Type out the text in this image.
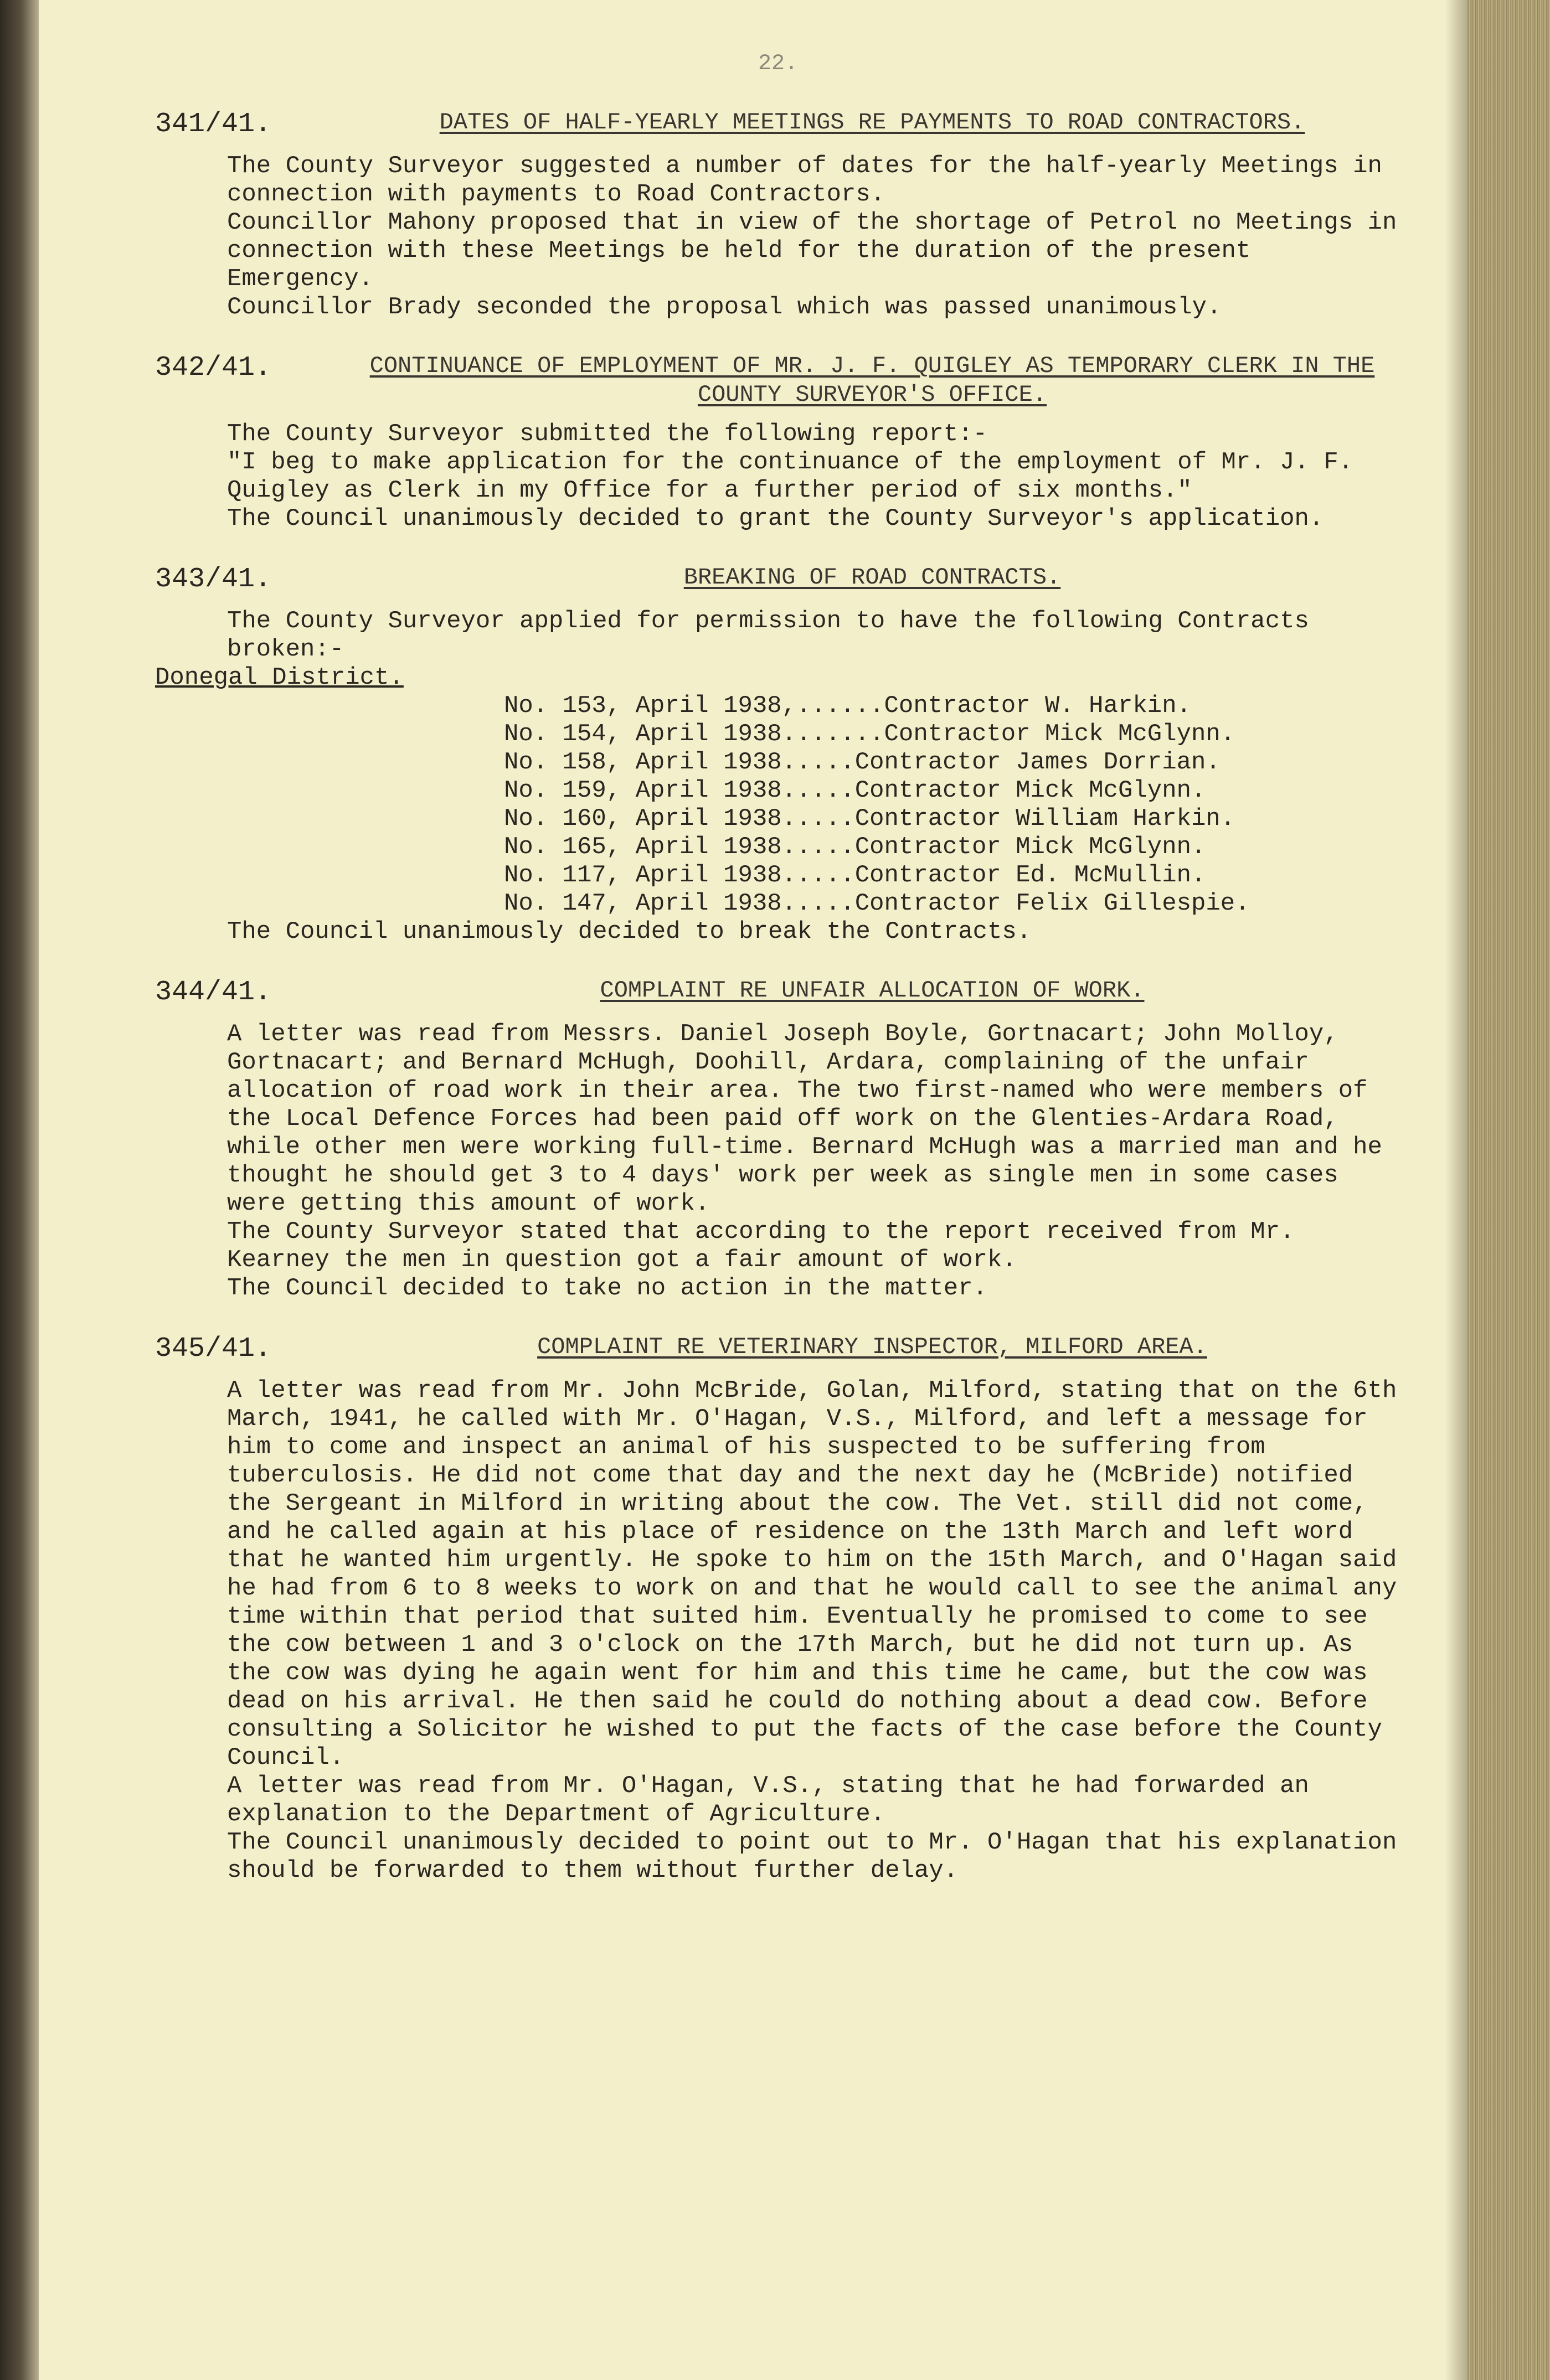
22.
341/41.	DATES OF HALF-YEARLY MEETINGS RE PAYMENTS TO ROAD CONTRACTORS.

The County Surveyor suggested a number of dates for the half-yearly Meetings in connection with payments to Road Contractors.

Councillor Mahony proposed that in view of the shortage of Petrol no Meetings in connection with these Meetings be held for the duration of the present Emergency.

Councillor Brady seconded the proposal which was passed unanimously.

342/41.	CONTINUANCE OF EMPLOYMENT OF MR. J. F. QUIGLEY AS TEMPORARY CLERK IN THE COUNTY SURVEYOR'S OFFICE.

The County Surveyor submitted the following report:-

"I beg to make application for the continuance of the employment of Mr. J. F. Quigley as Clerk in my Office for a further period of six months."

The Council unanimously decided to grant the County Surveyor's application.

343/41.	BREAKING OF ROAD CONTRACTS.

The County Surveyor applied for permission to have the following Contracts broken:-

Donegal District.

No. 153, April 1938,......Contractor W. Harkin.
No. 154, April 1938.......Contractor Mick McGlynn.
No. 158, April 1938.....Contractor James Dorrian.
No. 159, April 1938.....Contractor Mick McGlynn.
No. 160, April 1938.....Contractor William Harkin.
No. 165, April 1938.....Contractor Mick McGlynn.
No. 117, April 1938.....Contractor Ed. McMullin.
No. 147, April 1938.....Contractor Felix Gillespie.

The Council unanimously decided to break the Contracts.

344/41.	COMPLAINT RE UNFAIR ALLOCATION OF WORK.

A letter was read from Messrs. Daniel Joseph Boyle, Gortnacart; John Molloy, Gortnacart; and Bernard McHugh, Doohill, Ardara, complaining of the unfair allocation of road work in their area. The two first-named who were members of the Local Defence Forces had been paid off work on the Glenties-Ardara Road, while other men were working full-time. Bernard McHugh was a married man and he thought he should get 3 to 4 days' work per week as single men in some cases were getting this amount of work.

The County Surveyor stated that according to the report received from Mr. Kearney the men in question got a fair amount of work.

The Council decided to take no action in the matter.

345/41.	COMPLAINT RE VETERINARY INSPECTOR, MILFORD AREA.

A letter was read from Mr. John McBride, Golan, Milford, stating that on the 6th March, 1941, he called with Mr. O'Hagan, V.S., Milford, and left a message for him to come and inspect an animal of his suspected to be suffering from tuberculosis. He did not come that day and the next day he (McBride) notified the Sergeant in Milford in writing about the cow. The Vet. still did not come, and he called again at his place of residence on the 13th March and left word that he wanted him urgently. He spoke to him on the 15th March, and O'Hagan said he had from 6 to 8 weeks to work on and that he would call to see the animal any time within that period that suited him. Eventually he promised to come to see the cow between 1 and 3 o'clock on the 17th March, but he did not turn up. As the cow was dying he again went for him and this time he came, but the cow was dead on his arrival. He then said he could do nothing about a dead cow. Before consulting a Solicitor he wished to put the facts of the case before the County Council.

A letter was read from Mr. O'Hagan, V.S., stating that he had forwarded an explanation to the Department of Agriculture.

The Council unanimously decided to point out to Mr. O'Hagan that his explanation should be forwarded to them without further delay.
